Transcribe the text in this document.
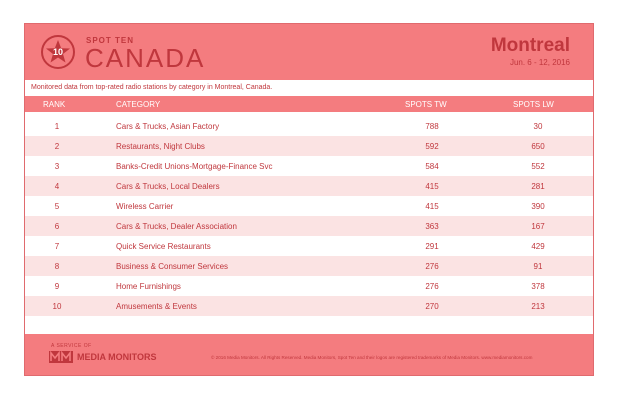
10
SPOT TEN
CANADA	Montreal
Jun. 6 - 12, 2016
Monitored data from top-rated radio stations by category in Montreal, Canada.
RANK	CATEGORY	SPOTS TW	SPOTS LW
1	Cars & Trucks, Asian Factory	788	30
2	Restaurants, Night Clubs	592	650
3	Banks-Credit Unions-Mortgage-Finance Svc	584	552
4	Cars & Trucks, Local Dealers	415	281
5	Wireless Carrier	415	390
6	Cars & Trucks, Dealer Association	363	167
7	Quick Service Restaurants	291	429
8	Business & Consumer Services	276	91
9	Home Furnishings	276	378
10	Amusements & Events	270	213
A SERVICE OF
MEDIA MONITORS	© 2016 Media Monitors. All Rights Reserved. Media Monitors, Spot Ten and their logos are registered trademarks of Media Monitors. www.mediamonitors.com
